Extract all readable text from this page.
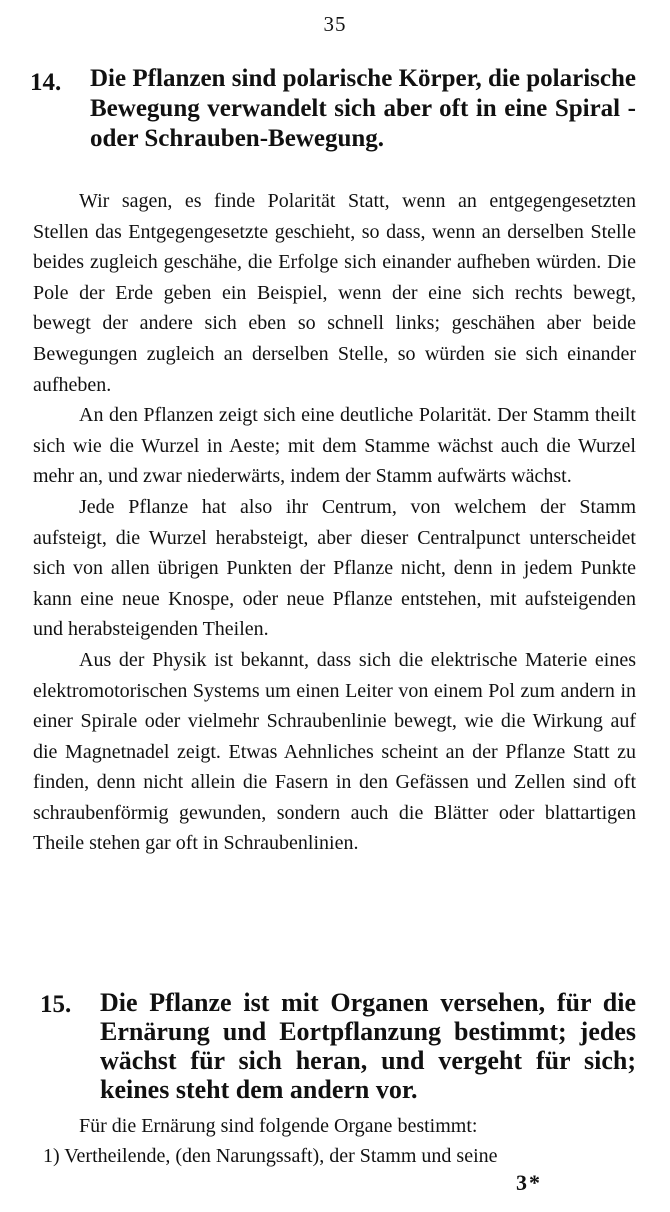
35
14. Die Pflanzen sind polarische Körper, die polarische Bewegung verwandelt sich aber oft in eine Spiral - oder Schrauben-Bewegung.

Wir sagen, es finde Polarität Statt, wenn an entgegengesetzten Stellen das Entgegengesetzte geschieht, so dass, wenn an derselben Stelle beides zugleich geschähe, die Erfolge sich einander aufheben würden. Die Pole der Erde geben ein Beispiel, wenn der eine sich rechts bewegt, bewegt der andere sich eben so schnell links; geschähen aber beide Bewegungen zugleich an derselben Stelle, so würden sie sich einander aufheben.

An den Pflanzen zeigt sich eine deutliche Polarität. Der Stamm theilt sich wie die Wurzel in Aeste; mit dem Stamme wächst auch die Wurzel mehr an, und zwar niederwärts, indem der Stamm aufwärts wächst.

Jede Pflanze hat also ihr Centrum, von welchem der Stamm aufsteigt, die Wurzel herabsteigt, aber dieser Centralpunct unterscheidet sich von allen übrigen Punkten der Pflanze nicht, denn in jedem Punkte kann eine neue Knospe, oder neue Pflanze entstehen, mit aufsteigenden und herabsteigenden Theilen.

Aus der Physik ist bekannt, dass sich die elektrische Materie eines elektromotorischen Systems um einen Leiter von einem Pol zum andern in einer Spirale oder vielmehr Schraubenlinie bewegt, wie die Wirkung auf die Magnetnadel zeigt. Etwas Aehnliches scheint an der Pflanze Statt zu finden, denn nicht allein die Fasern in den Gefässen und Zellen sind oft schraubenförmig gewunden, sondern auch die Blätter oder blattartigen Theile stehen gar oft in Schraubenlinien.

15. Die Pflanze ist mit Organen versehen, für die Ernärung und Eortpflanzung bestimmt; jedes wächst für sich heran, und vergeht für sich; keines steht dem andern vor.

Für die Ernärung sind folgende Organe bestimmt:

1) Vertheilende, (den Narungssaft), der Stamm und seine

3*
